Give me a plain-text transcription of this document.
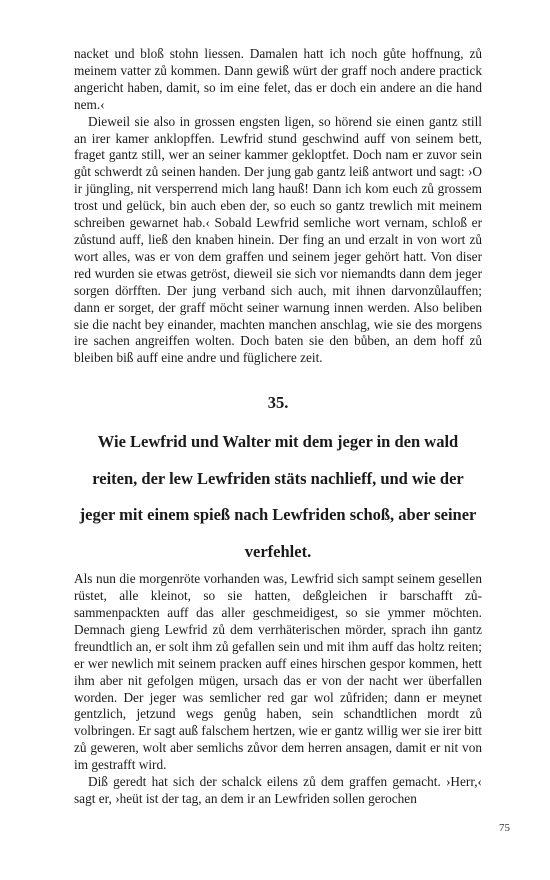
nacket und bloß stohn liessen. Damalen hatt ich noch gůte hoffnung, zů meinem vatter zů kommen. Dann gewiß würt der graff noch andere practick angericht haben, damit, so im eine felet, das er doch ein andere an die hand nem.‹

Dieweil sie also in grossen engsten ligen, so hörend sie einen gantz still an irer kamer anklopffen. Lewfrid stund geschwind auff von seinem bett, fraget gantz still, wer an seiner kammer gekloptfet. Doch nam er zuvor sein gůt schwerdt zů seinen handen. Der jung gab gantz leiß antwort und sagt: ›O ir jüngling, nit versperrend mich lang hauß! Dann ich kom euch zů grossem trost und gelück, bin auch eben der, so euch so gantz trewlich mit meinem schreiben gewarnet hab.‹ Sobald Lewfrid semliche wort vernam, schloß er zůstund auff, ließ den knaben hinein. Der fing an und erzalt in von wort zů wort alles, was er von dem graffen und seinem jeger gehört hatt. Von diser red wurden sie etwas getröst, dieweil sie sich vor niemandts dann dem jeger sorgen dörfften. Der jung verband sich auch, mit ihnen darvonzůlauffen; dann er sorget, der graff möcht seiner warnung innen werden. Also beliben sie die nacht bey einander, machten manchen anschlag, wie sie des morgens ire sachen angreiffen wolten. Doch baten sie den bůben, an dem hoff zů bleiben biß auff eine andre und füglichere zeit.

35.
Wie Lewfrid und Walter mit dem jeger in den wald
reiten, der lew Lewfriden stäts nachlieff, und wie der
jeger mit einem spieß nach Lewfriden schoß, aber seiner
verfehlet.

Als nun die morgenröte vorhanden was, Lewfrid sich sampt seinem gesellen rüstet, alle kleinot, so sie hatten, deßgleichen ir barschafft zůsammenpackten auff das aller geschmeidigest, so sie ymmer möchten. Demnach gieng Lewfrid zů dem verrhäterischen mörder, sprach ihn gantz freundtlich an, er solt ihm zů gefallen sein und mit ihm auff das holtz reiten; er wer newlich mit seinem pracken auff eines hirschen gespor kommen, hett ihm aber nit gefolgen mügen, ursach das er von der nacht wer überfallen worden. Der jeger was semlicher red gar wol zůfriden; dann er meynet gentzlich, jetzund wegs genůg haben, sein schandtlichen mordt zů volbringen. Er sagt auß falschem hertzen, wie er gantz willig wer sie irer bitt zů geweren, wolt aber semlichs zůvor dem herren ansagen, damit er nit von im gestrafft wird.

Diß geredt hat sich der schalck eilens zů dem graffen gemacht. ›Herr,‹ sagt er, ›heüt ist der tag, an dem ir an Lewfriden sollen gerochen

75
